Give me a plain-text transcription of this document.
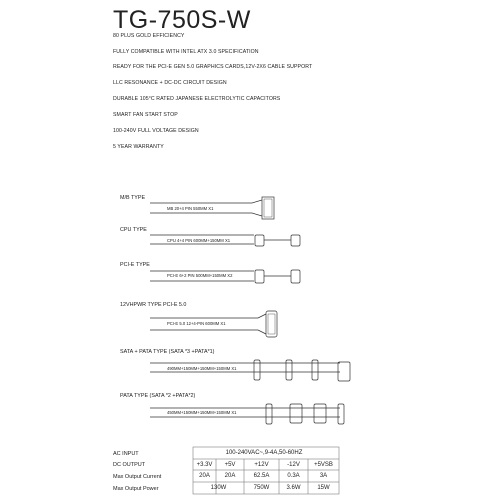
TG-750S-W
80 PLUS GOLD EFFICIENCY
FULLY COMPATIBLE WITH INTEL ATX 3.0 SPECIFICATION
READY FOR THE PCI-E GEN 5.0 GRAPHICS CARDS,12V-2X6 CABLE SUPPORT
LLC RESONANCE + DC-DC CIRCUIT DESIGN
DURABLE 105°C RATED JAPANESE ELECTROLYTIC CAPACITORS
SMART FAN START STOP
100-240V FULL VOLTAGE DESIGN
5 YEAR WARRANTY
M/B TYPE
CPU TYPE
PCI-E TYPE
12VHPWR TYPE PCI-E 5.0
SATA + PATA TYPE (SATA *3 +PATA*1)
PATA TYPE (SATA *2 +PATA*2)
MB 20+4 PIN 550MM X1
CPU 4+4 PIN 600MM+150MM X1
PCI-E 6+2 PIN 500MM+150MM X2
PCI-E 5.0 12+4-PIN 600MM X1
490MM+150MM+150MM+150MM X1
450MM+150MM+150MM+150MM X1
AC INPUT	100-240VAC~,9-4A,50-60HZ
DC OUTPUT	+3.3V	+5V	+12V	-12V	+5VSB
Max Output Current	20A	20A	62.5A	0.3A	3A
Max Output Power	130W	750W	3.6W	15W
